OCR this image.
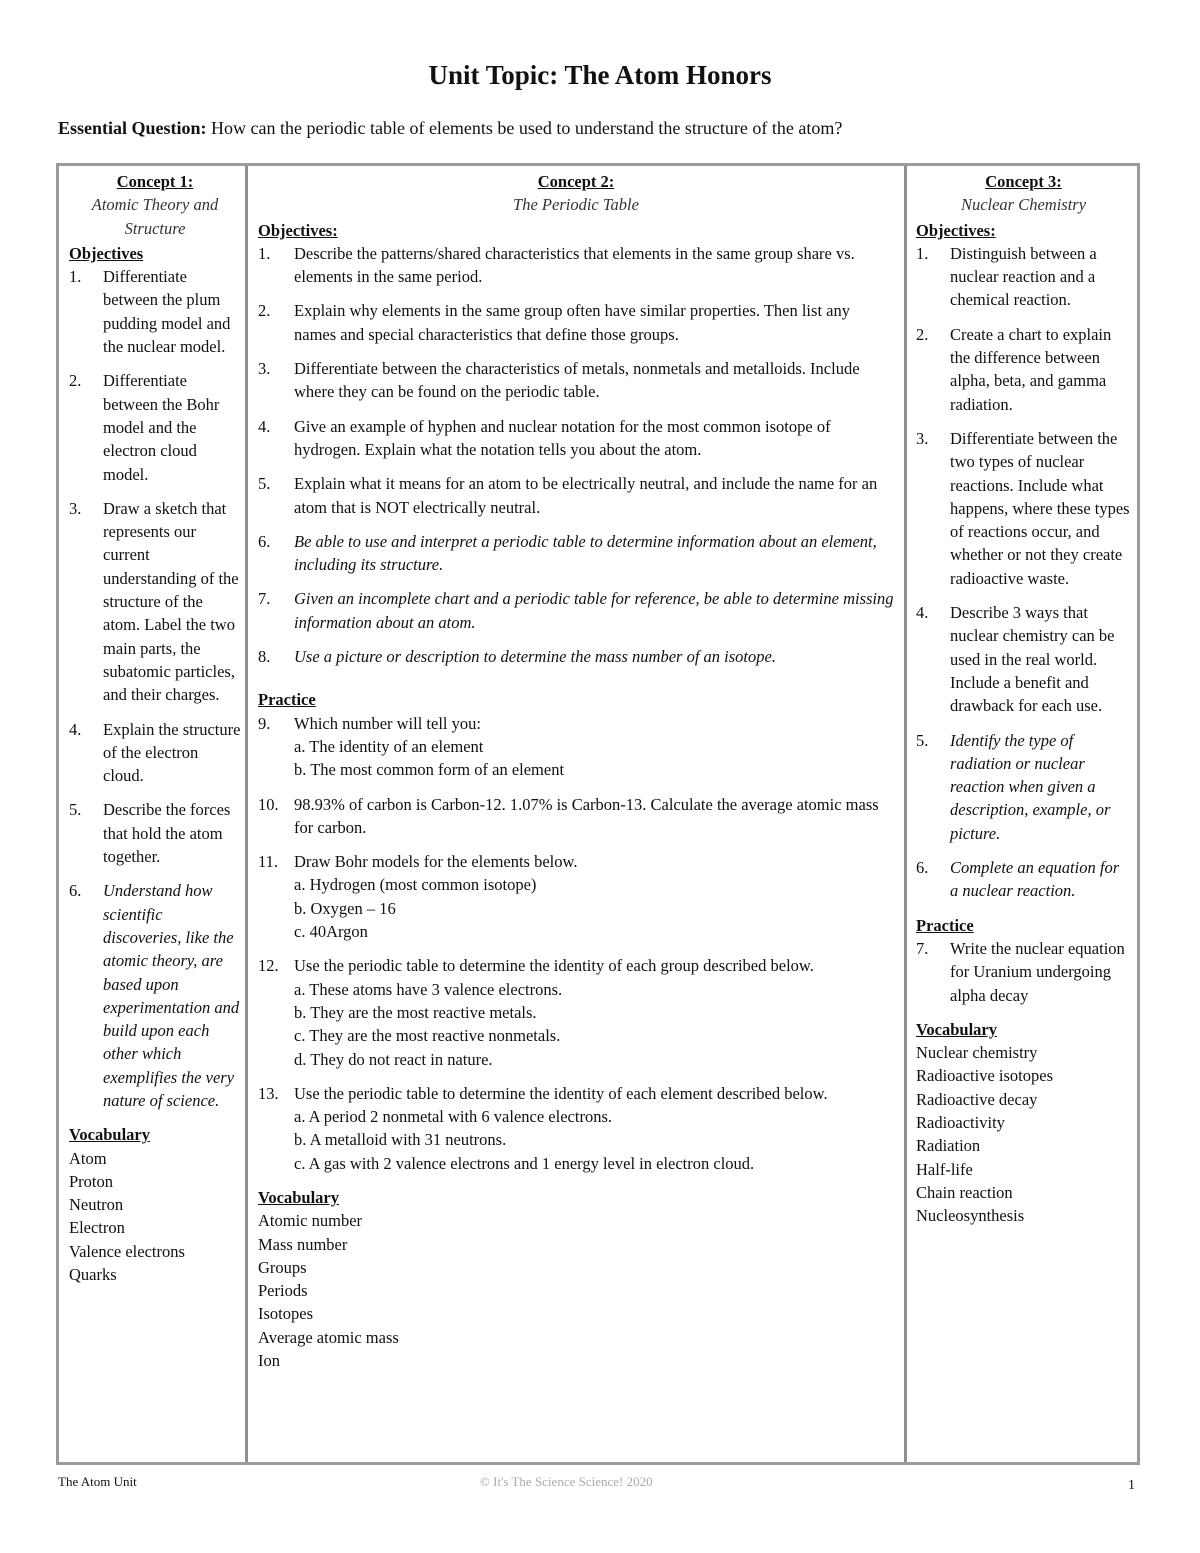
Unit Topic: The Atom Honors
Essential Question: How can the periodic table of elements be used to understand the structure of the atom?
Concept 1:
Atomic Theory and Structure
Objectives
1. Differentiate between the plum pudding model and the nuclear model.
2. Differentiate between the Bohr model and the electron cloud model.
3. Draw a sketch that represents our current understanding of the structure of the atom. Label the two main parts, the subatomic particles, and their charges.
4. Explain the structure of the electron cloud.
5. Describe the forces that hold the atom together.
6. Understand how scientific discoveries, like the atomic theory, are based upon experimentation and build upon each other which exemplifies the very nature of science.
Vocabulary
Atom
Proton
Neutron
Electron
Valence electrons
Quarks
Concept 2:
The Periodic Table
Objectives:
1. Describe the patterns/shared characteristics that elements in the same group share vs. elements in the same period.
2. Explain why elements in the same group often have similar properties. Then list any names and special characteristics that define those groups.
3. Differentiate between the characteristics of metals, nonmetals and metalloids. Include where they can be found on the periodic table.
4. Give an example of hyphen and nuclear notation for the most common isotope of hydrogen. Explain what the notation tells you about the atom.
5. Explain what it means for an atom to be electrically neutral, and include the name for an atom that is NOT electrically neutral.
6. Be able to use and interpret a periodic table to determine information about an element, including its structure.
7. Given an incomplete chart and a periodic table for reference, be able to determine missing information about an atom.
8. Use a picture or description to determine the mass number of an isotope.
Practice
9. Which number will tell you:
a. The identity of an element
b. The most common form of an element
10. 98.93% of carbon is Carbon-12. 1.07% is Carbon-13. Calculate the average atomic mass for carbon.
11. Draw Bohr models for the elements below.
a. Hydrogen (most common isotope)
b. Oxygen – 16
c. 40Argon
12. Use the periodic table to determine the identity of each group described below.
a. These atoms have 3 valence electrons.
b. They are the most reactive metals.
c. They are the most reactive nonmetals.
d. They do not react in nature.
13. Use the periodic table to determine the identity of each element described below.
a. A period 2 nonmetal with 6 valence electrons.
b. A metalloid with 31 neutrons.
c. A gas with 2 valence electrons and 1 energy level in electron cloud.
Vocabulary
Atomic number
Mass number
Groups
Periods
Isotopes
Average atomic mass
Ion
Concept 3:
Nuclear Chemistry
Objectives:
1. Distinguish between a nuclear reaction and a chemical reaction.
2. Create a chart to explain the difference between alpha, beta, and gamma radiation.
3. Differentiate between the two types of nuclear reactions. Include what happens, where these types of reactions occur, and whether or not they create radioactive waste.
4. Describe 3 ways that nuclear chemistry can be used in the real world. Include a benefit and drawback for each use.
5. Identify the type of radiation or nuclear reaction when given a description, example, or picture.
6. Complete an equation for a nuclear reaction.
Practice
7. Write the nuclear equation for Uranium undergoing alpha decay
Vocabulary
Nuclear chemistry
Radioactive isotopes
Radioactive decay
Radioactivity
Radiation
Half-life
Chain reaction
Nucleosynthesis
The Atom Unit	© It's The Science Science! 2020	1
